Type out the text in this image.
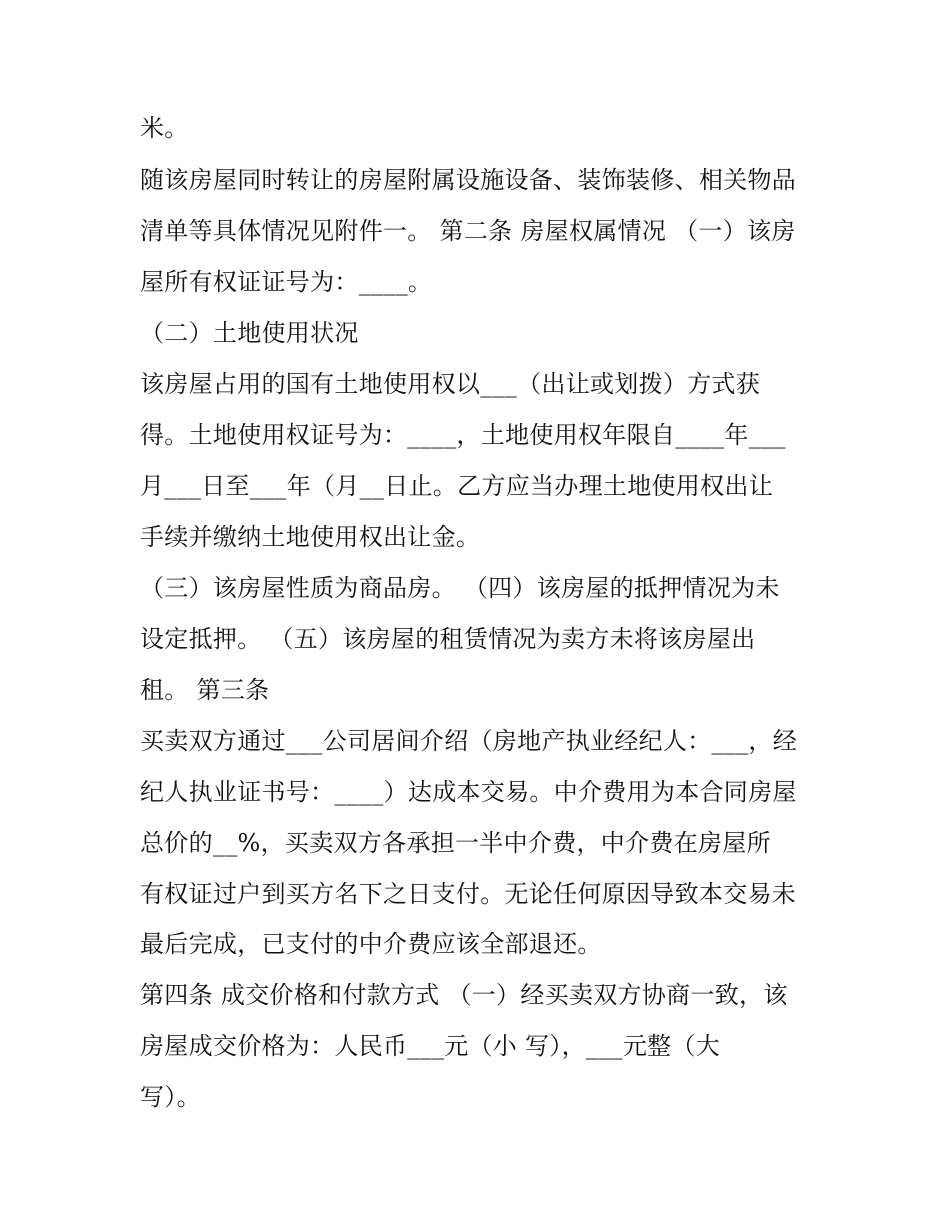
米。
随该房屋同时转让的房屋附属设施设备、装饰装修、相关物品
清单等具体情况见附件一。 第二条 房屋权属情况 （一）该房
屋所有权证证号为：____。
（二）土地使用状况
该房屋占用的国有土地使用权以___（出让或划拨）方式获
得。土地使用权证号为：____，土地使用权年限自____年___
月___日至___年（月__日止。乙方应当办理土地使用权出让
手续并缴纳土地使用权出让金。
（三）该房屋性质为商品房。 （四）该房屋的抵押情况为未
设定抵押。 （五）该房屋的租赁情况为卖方未将该房屋出
租。 第三条
买卖双方通过___公司居间介绍（房地产执业经纪人：___，经
纪人执业证书号：____）达成本交易。中介费用为本合同房屋
总价的__%，买卖双方各承担一半中介费，中介费在房屋所
有权证过户到买方名下之日支付。无论任何原因导致本交易未
最后完成，已支付的中介费应该全部退还。
第四条 成交价格和付款方式 （一）经买卖双方协商一致，该
房屋成交价格为：人民币___元（小 写），___元整（大
写）。
